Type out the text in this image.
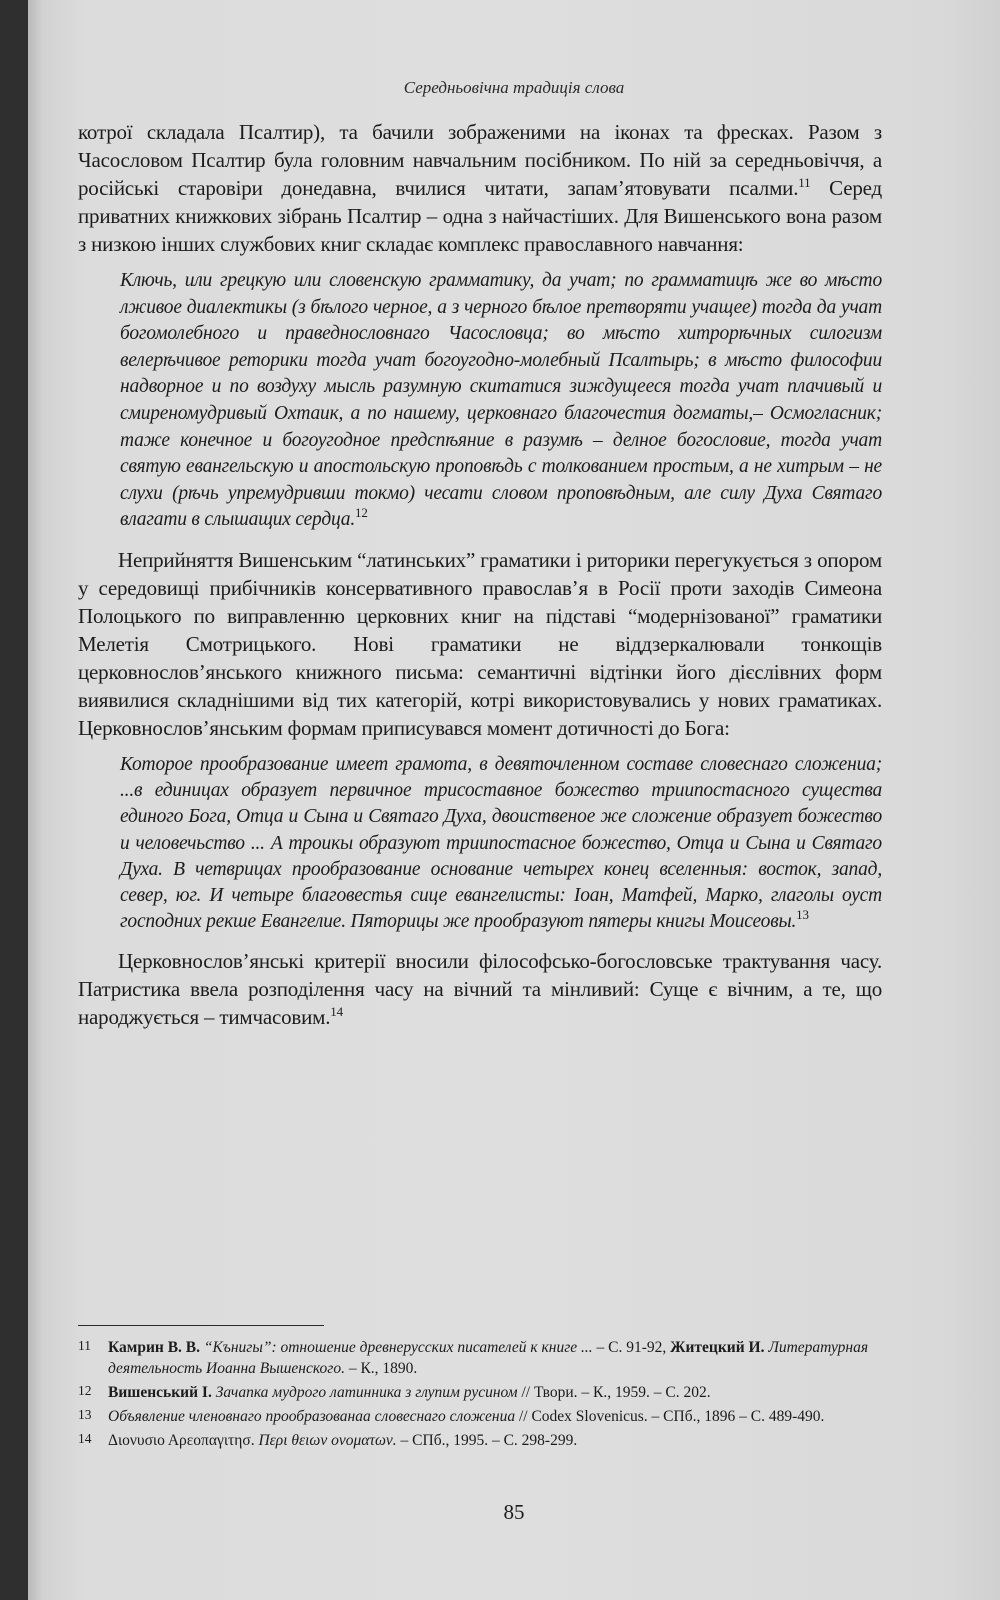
Середньовічна традиція слова

котрої складала Псалтир), та бачили зображеними на іконах та фресках. Разом з Часословом Псалтир була головним навчальним посібником. По ній за середньовіччя, а російські старовіри донедавна, вчилися читати, запам’ятовувати псалми.$^{11}$ Серед приватних книжкових зібрань Псалтир – одна з найчастіших. Для Вишенського вона разом з низкою інших службових книг складає комплекс православного навчання:

Ключь, или грецкую или словенскую грамматику, да учат; по грамматицѣ же во мѣсто лживое диалектикы (з бѣлого черное, а з черного бѣлое претворяти учащее) тогда да учат богомолебного и праведнословнаго Часословца; во мѣсто хитрорѣчных силогизм велерѣчивое реторики тогда учат богоугодно-молебный Псалтырь; в мѣсто философии надворное и по воздуху мысль разумную скитатися зиждущееся тогда учат плачивый и смиреномудривый Охтаик, а по нашему, церковнаго благочестия догматы,– Осмогласник; таже конечное и богоугодное предспѣяние в разумѣ – делное богословие, тогда учат святую евангельскую и апостольскую проповѣдь с толкованием простым, а не хитрым – не слухи (рѣчь упремудривши токмо) чесати словом проповѣдным, але силу Духа Святаго влагати в слышащих сердца.$^{12}$

Неприйняття Вишенським “латинських” граматики і риторики перегукується з опором у середовищі прибічників консервативного православ’я в Росії проти заходів Симеона Полоцького по виправленню церковних книг на підставі “модернізованої” граматики Мелетія Смотрицького. Нові граматики не віддзеркалювали тонкощів церковнослов’янського книжного письма: семантичні відтінки його дієслівних форм виявилися складнішими від тих категорій, котрі використовувались у нових граматиках. Церковнослов’янським формам приписувався момент дотичності до Бога:

Которое прообразование имеет грамота, в девяточленном составе словеснаго сложениа; ...в единицах образует первичное трисоставное божество триипостасного существа единого Бога, Отца и Сына и Святаго Духа, двоиственое же сложение образует божество и человечьство ... А троикы образуют триипостасное божество, Отца и Сына и Святаго Духа. В четврицах прообразование основание четырех конец вселенныя: восток, запад, север, юг. И четыре благовестья сице евангелисты: Іоан, Матфей, Марко, глаголы оуст господних рекше Евангелие. Пяторицы же прообразуют пятеры книгы Моисеовы.$^{13}$

Церковнослов’янські критерії вносили філософсько-богословське трактування часу. Патристика ввела розподілення часу на вічний та мінливий: Суще є вічним, а те, що народжується – тимчасовим.$^{14}$

11 Камрин В. В. “Кънигы”: отношение древнерусских писателей к книге ... – С. 91-92, Житецкий И. Литературная деятельность Иоанна Вышенского. – К., 1890.
12 Вишенський І. Зачапка мудрого латинника з глупим русином // Твори. – К., 1959. – С. 202.
13 Объявление членовнаго прообразованаа словеснаго сложениа // Codex Slovenicus. – СПб., 1896 – С. 489-490.
14 Διονυσιο Αρεοπαγιτησ. Περι θειων ονοματων. – СПб., 1995. – С. 298-299.
85
